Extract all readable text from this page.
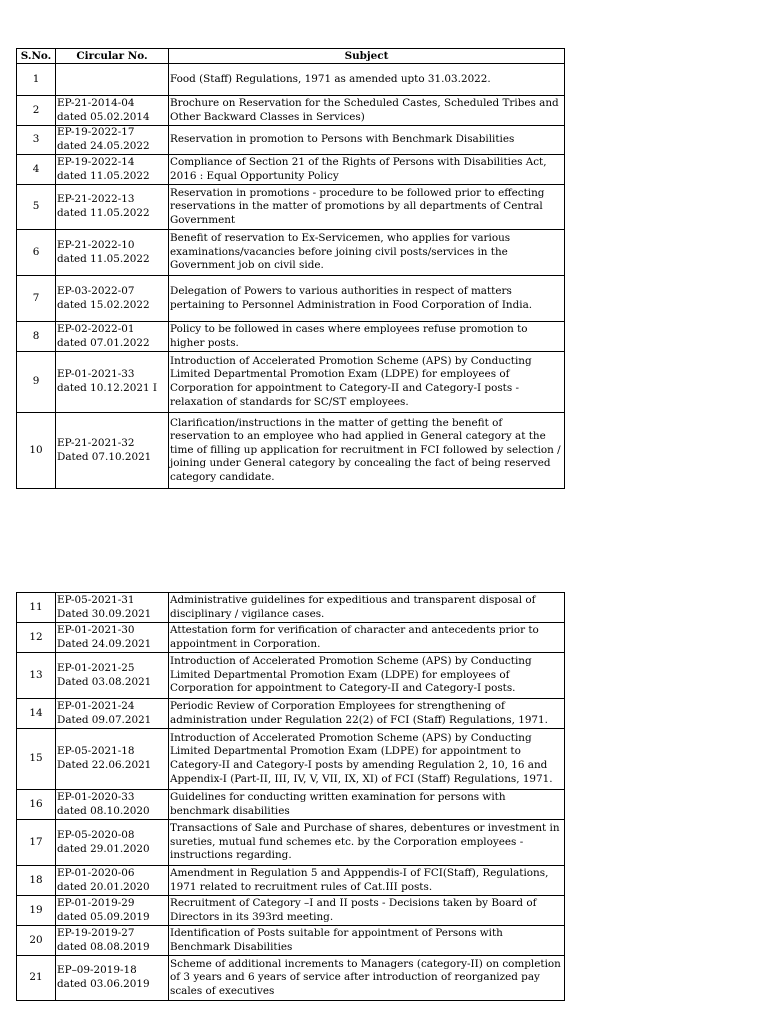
S.No.	Circular No.	Subject
1		Food (Staff) Regulations, 1971 as amended upto 31.03.2022.
2	EP-21-2014-04 dated 05.02.2014	Brochure on Reservation for the Scheduled Castes, Scheduled Tribes and Other Backward Classes in Services)
3	EP-19-2022-17 dated 24.05.2022	Reservation in promotion to Persons with Benchmark Disabilities
4	EP-19-2022-14 dated 11.05.2022	Compliance of Section 21 of the Rights of Persons with Disabilities Act, 2016 : Equal Opportunity Policy
5	EP-21-2022-13 dated 11.05.2022	Reservation in promotions - procedure to be followed prior to effecting reservations in the matter of promotions by all departments of Central Government
6	EP-21-2022-10 dated 11.05.2022	Benefit of reservation to Ex-Servicemen, who applies for various examinations/vacancies before joining civil posts/services in the Government job on civil side.
7	EP-03-2022-07 dated 15.02.2022	Delegation of Powers to various authorities in respect of matters pertaining to Personnel Administration in Food Corporation of India.
8	EP-02-2022-01 dated 07.01.2022	Policy to be followed in cases where employees refuse promotion to higher posts.
9	EP-01-2021-33 dated 10.12.2021 I	Introduction of Accelerated Promotion Scheme (APS) by Conducting Limited Departmental Promotion Exam (LDPE) for employees of Corporation for appointment to Category-II and Category-I posts - relaxation of standards for SC/ST employees.
10	EP-21-2021-32 Dated 07.10.2021	Clarification/instructions in the matter of getting the benefit of reservation to an employee who had applied in General category at the time of filling up application for recruitment in FCI followed by selection / joining under General category by concealing the fact of being reserved category candidate.
11	EP-05-2021-31 Dated 30.09.2021	Administrative guidelines for expeditious and transparent disposal of disciplinary / vigilance cases.
12	EP-01-2021-30 Dated 24.09.2021	Attestation form for verification of character and antecedents prior to appointment in Corporation.
13	EP-01-2021-25 Dated 03.08.2021	Introduction of Accelerated Promotion Scheme (APS) by Conducting Limited Departmental Promotion Exam (LDPE) for employees of Corporation for appointment to Category-II and Category-I posts.
14	EP-01-2021-24 Dated 09.07.2021	Periodic Review of Corporation Employees for strengthening of administration under Regulation 22(2) of FCI (Staff) Regulations, 1971.
15	EP-05-2021-18 Dated 22.06.2021	Introduction of Accelerated Promotion Scheme (APS) by Conducting Limited Departmental Promotion Exam (LDPE) for appointment to Category-II and Category-I posts by amending Regulation 2, 10, 16 and Appendix-I (Part-II, III, IV, V, VII, IX, XI) of FCI (Staff) Regulations, 1971.
16	EP-01-2020-33 dated 08.10.2020	Guidelines for conducting written examination for persons with benchmark disabilities
17	EP-05-2020-08 dated 29.01.2020	Transactions of Sale and Purchase of shares, debentures or investment in sureties, mutual fund schemes etc. by the Corporation employees - instructions regarding.
18	EP-01-2020-06 dated 20.01.2020	Amendment in Regulation 5 and Apppendis-I of FCI(Staff), Regulations, 1971 related to recruitment rules of Cat.III posts.
19	EP-01-2019-29 dated 05.09.2019	Recruitment of Category –I and II posts - Decisions taken by Board of Directors in its 393rd meeting.
20	EP-19-2019-27 dated 08.08.2019	Identification of Posts suitable for appointment of Persons with Benchmark Disabilities
21	EP–09-2019-18 dated 03.06.2019	Scheme of additional increments to Managers (category-II) on completion of 3 years and 6 years of service after introduction of reorganized pay scales of executives
